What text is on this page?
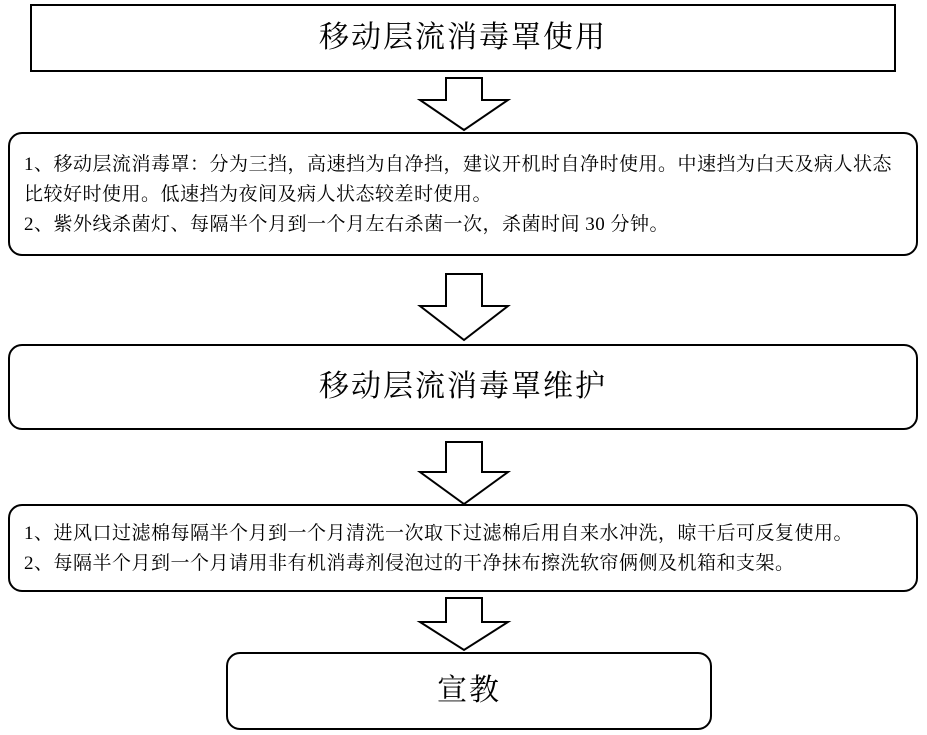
移动层流消毒罩使用
1、移动层流消毒罩：分为三挡，高速挡为自净挡，建议开机时自净时使用。中速挡为白天及病人状态比较好时使用。低速挡为夜间及病人状态较差时使用。
2、紫外线杀菌灯、每隔半个月到一个月左右杀菌一次，杀菌时间 30 分钟。
移动层流消毒罩维护
1、进风口过滤棉每隔半个月到一个月清洗一次取下过滤棉后用自来水冲洗，晾干后可反复使用。
2、每隔半个月到一个月请用非有机消毒剂侵泡过的干净抹布擦洗软帘俩侧及机箱和支架。
宣教
